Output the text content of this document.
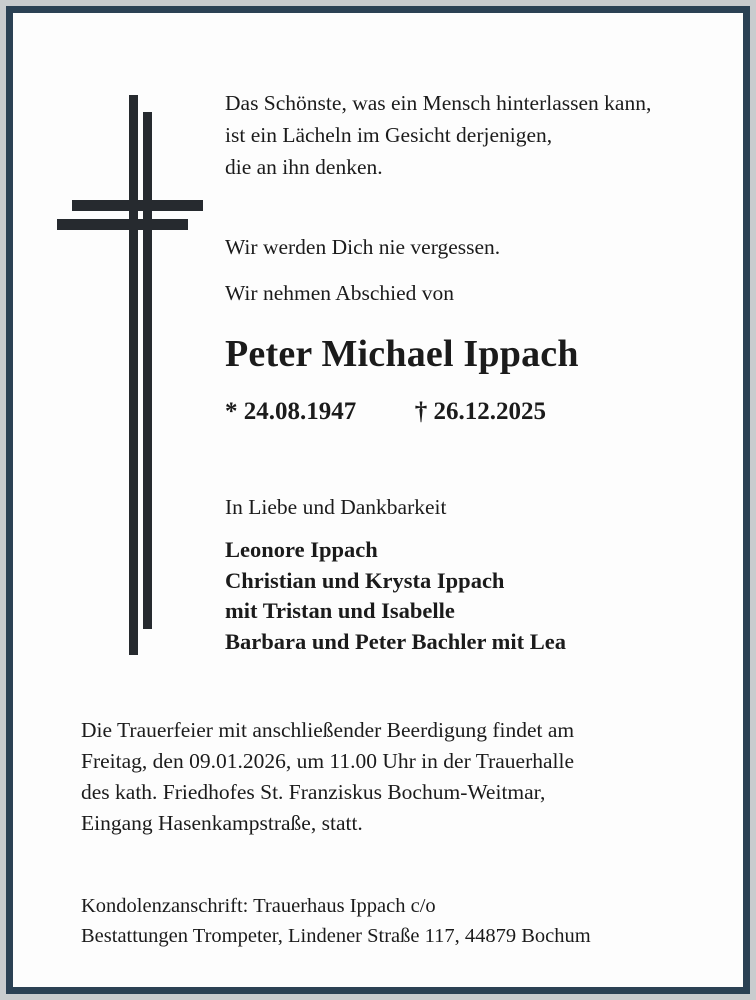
Das Schönste, was ein Mensch hinterlassen kann,
ist ein Lächeln im Gesicht derjenigen,
die an ihn denken.
Wir werden Dich nie vergessen.
Wir nehmen Abschied von
Peter Michael Ippach
* 24.08.1947 † 26.12.2025
In Liebe und Dankbarkeit
Leonore Ippach
Christian und Krysta Ippach
mit Tristan und Isabelle
Barbara und Peter Bachler mit Lea
Die Trauerfeier mit anschließender Beerdigung findet am
Freitag, den 09.01.2026, um 11.00 Uhr in der Trauerhalle
des kath. Friedhofes St. Franziskus Bochum-Weitmar,
Eingang Hasenkampstraße, statt.
Kondolenzanschrift: Trauerhaus Ippach c/o
Bestattungen Trompeter, Lindener Straße 117, 44879 Bochum
